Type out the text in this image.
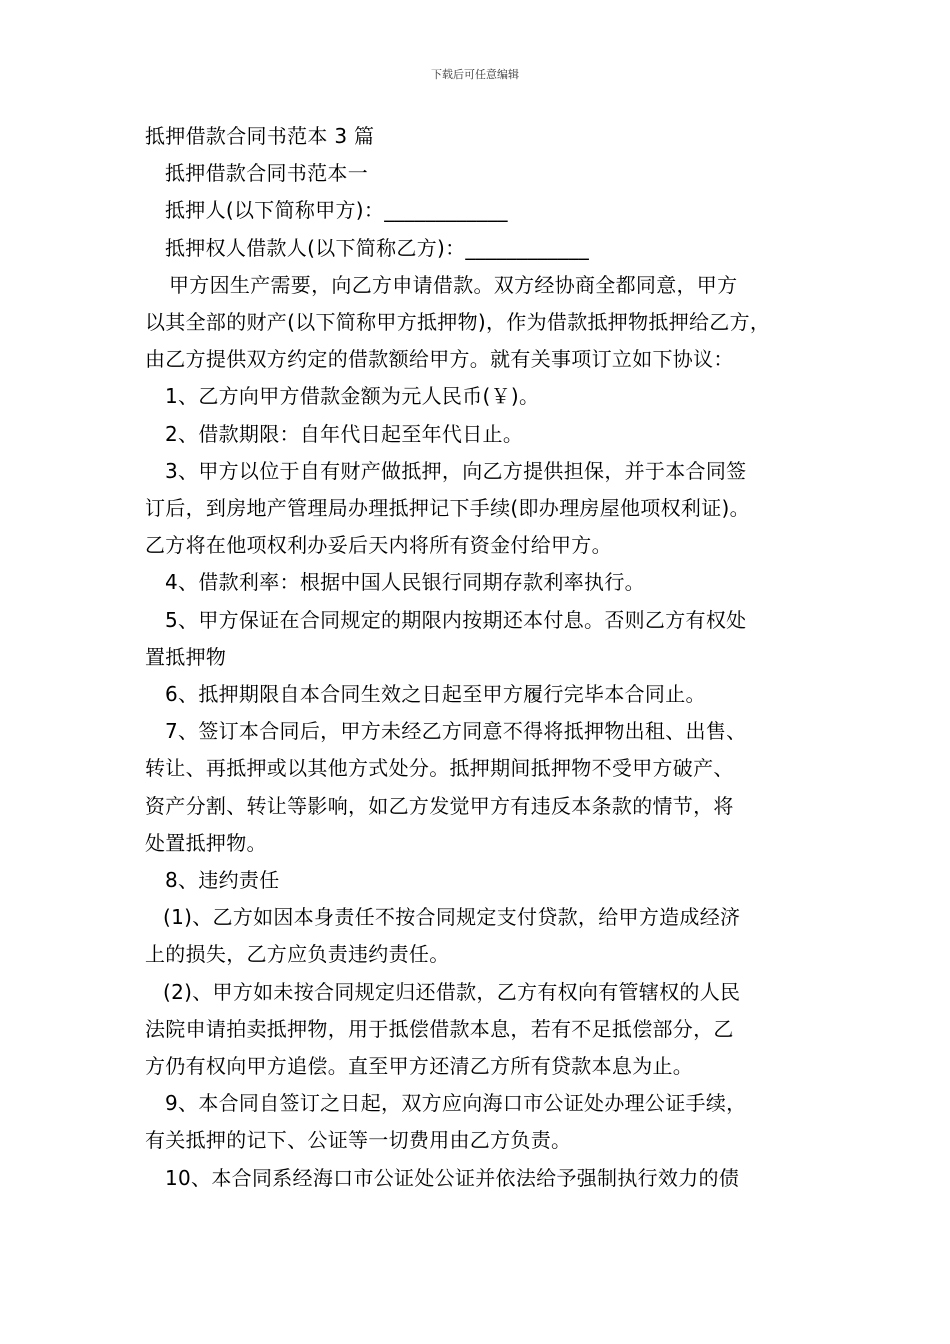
下载后可任意编辑
抵押借款合同书范本 3 篇
抵押借款合同书范本一
抵押人(以下简称甲方)：____________
抵押权人借款人(以下简称乙方)：____________
甲方因生产需要，向乙方申请借款。双方经协商全都同意，甲方
以其全部的财产(以下简称甲方抵押物)，作为借款抵押物抵押给乙方，
由乙方提供双方约定的借款额给甲方。就有关事项订立如下协议：
1、乙方向甲方借款金额为元人民币(￥)。
2、借款期限：自年代日起至年代日止。
3、甲方以位于自有财产做抵押，向乙方提供担保，并于本合同签
订后，到房地产管理局办理抵押记下手续(即办理房屋他项权利证)。
乙方将在他项权利办妥后天内将所有资金付给甲方。
4、借款利率：根据中国人民银行同期存款利率执行。
5、甲方保证在合同规定的期限内按期还本付息。否则乙方有权处
置抵押物
6、抵押期限自本合同生效之日起至甲方履行完毕本合同止。
7、签订本合同后，甲方未经乙方同意不得将抵押物出租、出售、
转让、再抵押或以其他方式处分。抵押期间抵押物不受甲方破产、
资产分割、转让等影响，如乙方发觉甲方有违反本条款的情节，将
处置抵押物。
8、违约责任
(1)、乙方如因本身责任不按合同规定支付贷款，给甲方造成经济
上的损失，乙方应负责违约责任。
(2)、甲方如未按合同规定归还借款，乙方有权向有管辖权的人民
法院申请拍卖抵押物，用于抵偿借款本息，若有不足抵偿部分，乙
方仍有权向甲方追偿。直至甲方还清乙方所有贷款本息为止。
9、本合同自签订之日起，双方应向海口市公证处办理公证手续，
有关抵押的记下、公证等一切费用由乙方负责。
10、本合同系经海口市公证处公证并依法给予强制执行效力的债
